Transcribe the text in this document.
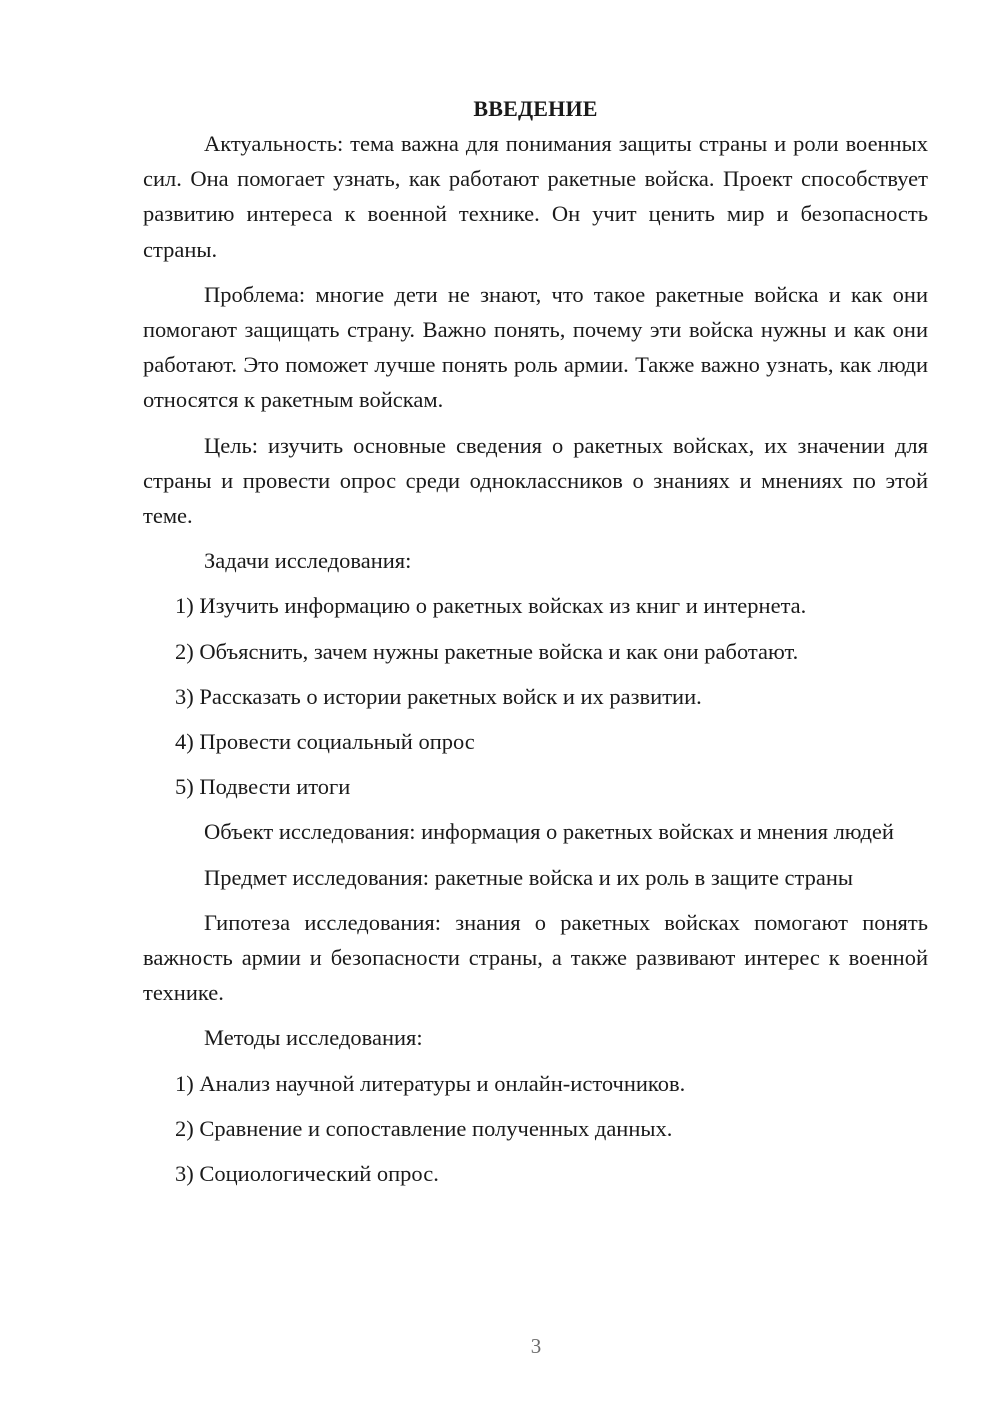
ВВЕДЕНИЕ

Актуальность: тема важна для понимания защиты страны и роли военных сил. Она помогает узнать, как работают ракетные войска. Проект способствует развитию интереса к военной технике. Он учит ценить мир и безопасность страны.

Проблема: многие дети не знают, что такое ракетные войска и как они помогают защищать страну. Важно понять, почему эти войска нужны и как они работают. Это поможет лучше понять роль армии. Также важно узнать, как люди относятся к ракетным войскам.

Цель: изучить основные сведения о ракетных войсках, их значении для страны и провести опрос среди одноклассников о знаниях и мнениях по этой теме.

Задачи исследования:

1) Изучить информацию о ракетных войсках из книг и интернета.

2) Объяснить, зачем нужны ракетные войска и как они работают.

3) Рассказать о истории ракетных войск и их развитии.

4) Провести социальный опрос

5) Подвести итоги

Объект исследования: информация о ракетных войсках и мнения людей

Предмет исследования: ракетные войска и их роль в защите страны

Гипотеза исследования: знания о ракетных войсках помогают понять важность армии и безопасности страны, а также развивают интерес к военной технике.

Методы исследования:

1) Анализ научной литературы и онлайн-источников.

2) Сравнение и сопоставление полученных данных.

3) Социологический опрос.

3
